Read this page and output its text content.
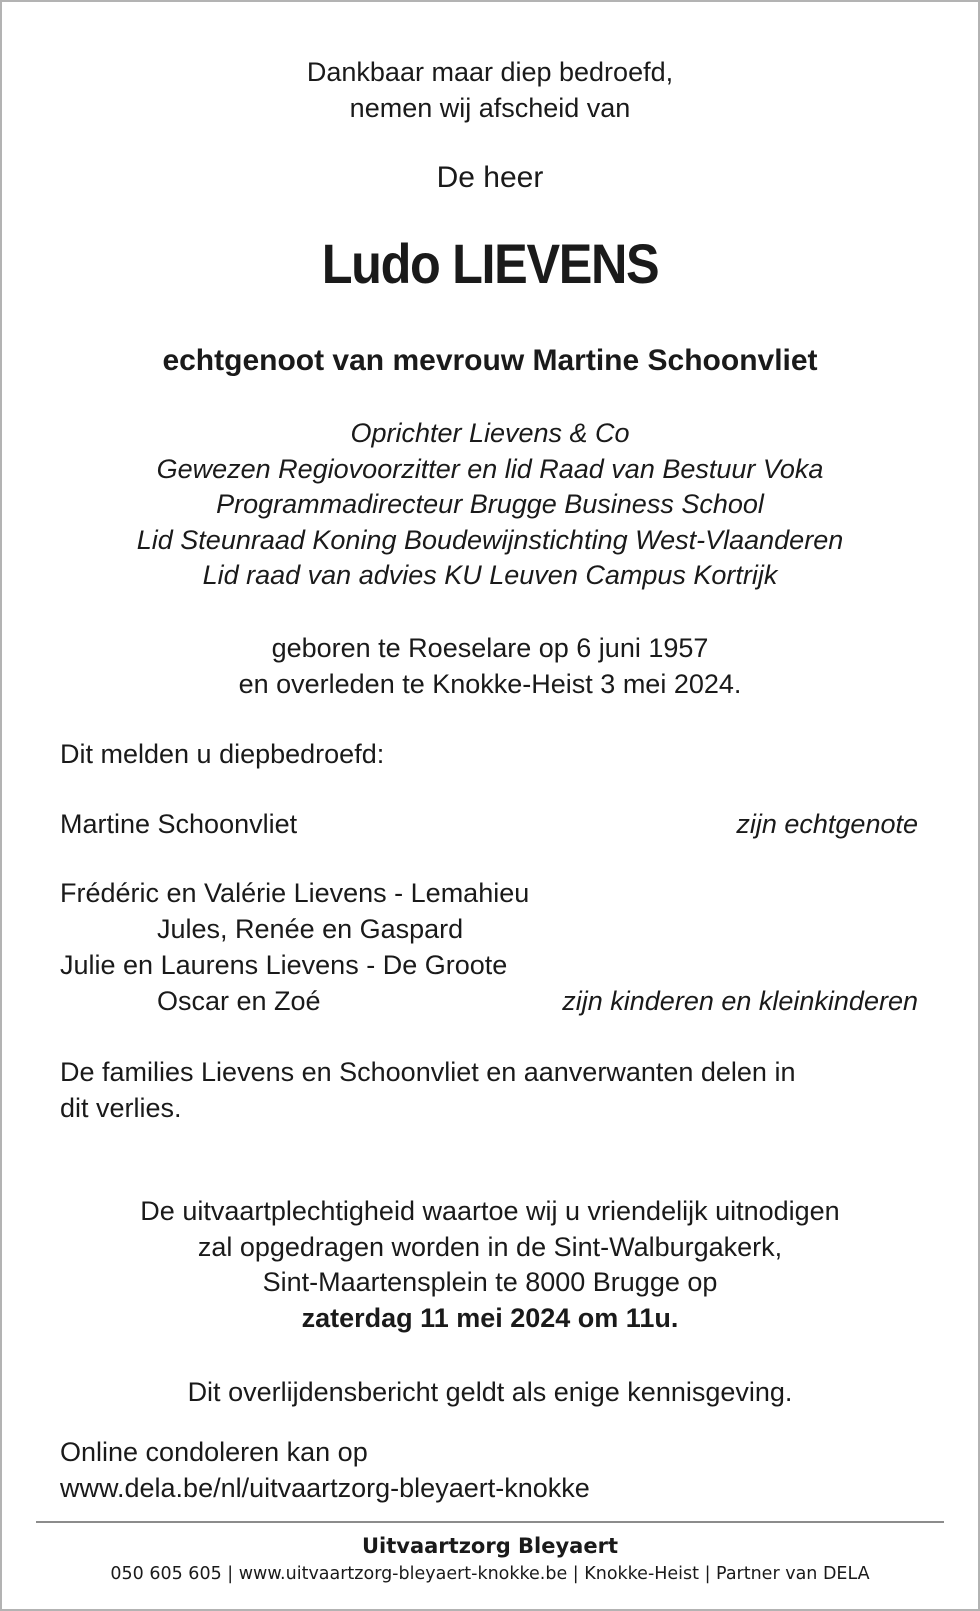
Dankbaar maar diep bedroefd,
nemen wij afscheid van
De heer
Ludo LIEVENS
echtgenoot van mevrouw Martine Schoonvliet
Oprichter Lievens & Co
Gewezen Regiovoorzitter en lid Raad van Bestuur Voka
Programmadirecteur Brugge Business School
Lid Steunraad Koning Boudewijnstichting West-Vlaanderen
Lid raad van advies KU Leuven Campus Kortrijk
geboren te Roeselare op 6 juni 1957
en overleden te Knokke-Heist 3 mei 2024.
Dit melden u diepbedroefd:
Martine Schoonvliet	zijn echtgenote
Frédéric en Valérie Lievens - Lemahieu
Jules, Renée en Gaspard
Julie en Laurens Lievens - De Groote
Oscar en Zoé	zijn kinderen en kleinkinderen
De families Lievens en Schoonvliet en aanverwanten delen in
dit verlies.
De uitvaartplechtigheid waartoe wij u vriendelijk uitnodigen
zal opgedragen worden in de Sint-Walburgakerk,
Sint-Maartensplein te 8000 Brugge op
zaterdag 11 mei 2024 om 11u.
Dit overlijdensbericht geldt als enige kennisgeving.
Online condoleren kan op
www.dela.be/nl/uitvaartzorg-bleyaert-knokke
Uitvaartzorg Bleyaert
050 605 605 | www.uitvaartzorg-bleyaert-knokke.be | Knokke-Heist | Partner van DELA
